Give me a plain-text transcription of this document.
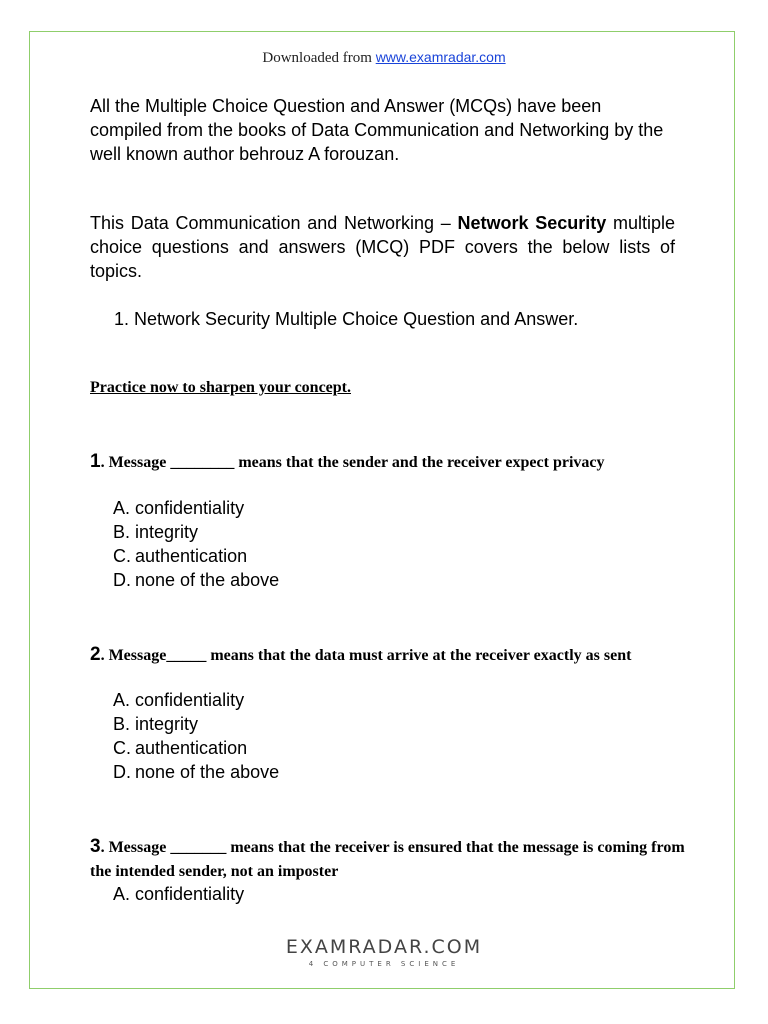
Downloaded from www.examradar.com
All the Multiple Choice Question and Answer (MCQs) have been compiled from the books of Data Communication and Networking by the well known author behrouz A forouzan.
This Data Communication and Networking – Network Security multiple choice questions and answers (MCQ) PDF covers the below lists of topics.
1. Network Security Multiple Choice Question and Answer.
Practice now to sharpen your concept.
1. Message ________ means that the sender and the receiver expect privacy
A. confidentiality
B. integrity
C. authentication
D. none of the above
2. Message_____ means that the data must arrive at the receiver exactly as sent
A. confidentiality
B. integrity
C. authentication
D. none of the above
3. Message _______ means that the receiver is ensured that the message is coming from the intended sender, not an imposter
A. confidentiality
EXAMRADAR.COM
4 COMPUTER SCIENCE
